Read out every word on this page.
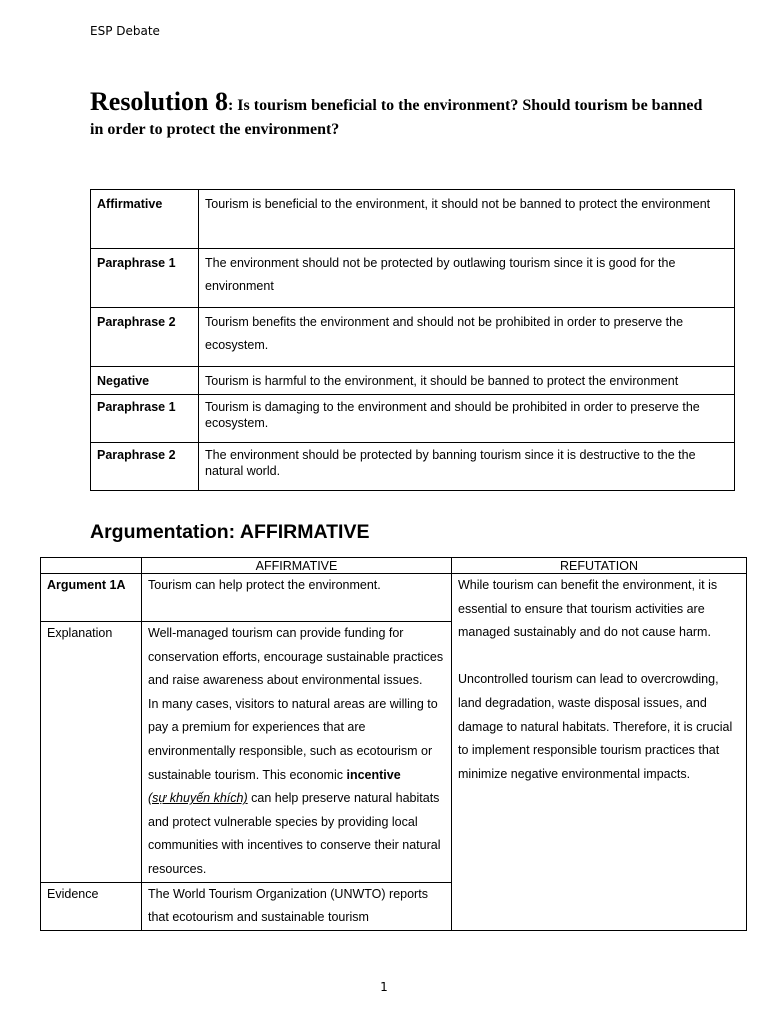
ESP Debate
Resolution 8: Is tourism beneficial to the environment? Should tourism be banned in order to protect the environment?
Affirmative	Tourism is beneficial to the environment, it should not be banned to protect the environment
Paraphrase 1	The environment should not be protected by outlawing tourism since it is good for the environment
Paraphrase 2	Tourism benefits the environment and should not be prohibited in order to preserve the ecosystem.
Negative	Tourism is harmful to the environment, it should be banned to protect the environment
Paraphrase 1	Tourism is damaging to the environment and should be prohibited in order to preserve the ecosystem.
Paraphrase 2	The environment should be protected by banning tourism since it is destructive to the the natural world.
Argumentation: AFFIRMATIVE
	AFFIRMATIVE	REFUTATION
Argument 1A	Tourism can help protect the environment.	While tourism can benefit the environment, it is essential to ensure that tourism activities are managed sustainably and do not cause harm.
Uncontrolled tourism can lead to overcrowding, land degradation, waste disposal issues, and damage to natural habitats. Therefore, it is crucial to implement responsible tourism practices that minimize negative environmental impacts.

Explanation	Well-managed tourism can provide funding for conservation efforts, encourage sustainable practices and raise awareness about environmental issues.
In many cases, visitors to natural areas are willing to pay a premium for experiences that are environmentally responsible, such as ecotourism or sustainable tourism. This economic incentive
(sự khuyến khích) can help preserve natural habitats and protect vulnerable species by providing local communities with incentives to conserve their natural resources.	

Evidence	The World Tourism Organization (UNWTO) reports that ecotourism and sustainable tourism	
1
